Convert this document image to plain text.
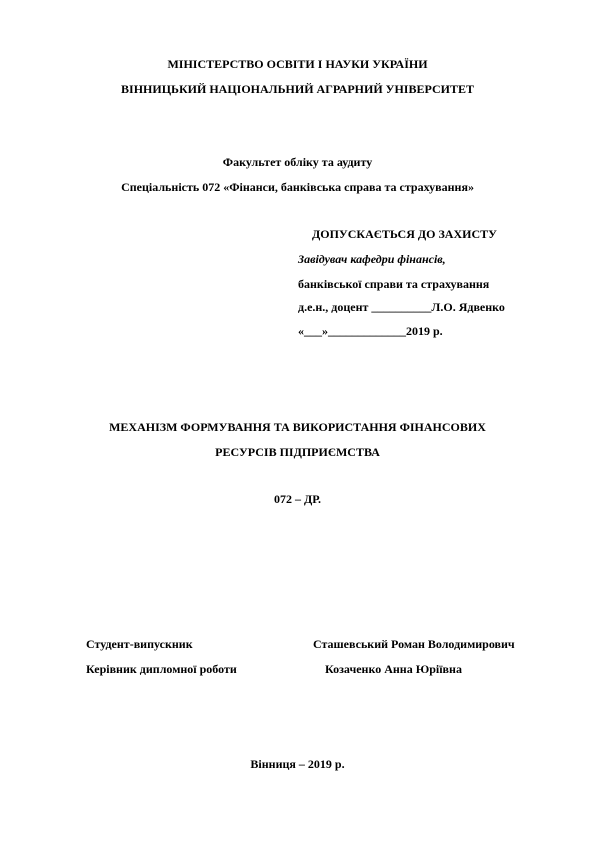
МІНІСТЕРСТВО ОСВІТИ І НАУКИ УКРАЇНИ
ВІННИЦЬКИЙ НАЦІОНАЛЬНИЙ АГРАРНИЙ УНІВЕРСИТЕТ
Факультет обліку та аудиту
Спеціальність 072 «Фінанси, банківська справа та страхування»
ДОПУСКАЄТЬСЯ ДО ЗАХИСТУ
Завідувач кафедри фінансів,
банківської справи та страхування
д.е.н., доцент __________Л.О. Ядвенко
«___»_____________2019 р.
МЕХАНІЗМ ФОРМУВАННЯ ТА ВИКОРИСТАННЯ ФІНАНСОВИХ
РЕСУРСІВ ПІДПРИЄМСТВА
072 – ДР.
Студент-випускник	Сташевський Роман Володимирович
Керівник дипломної роботи	Козаченко Анна Юріївна
Вінниця – 2019 р.
